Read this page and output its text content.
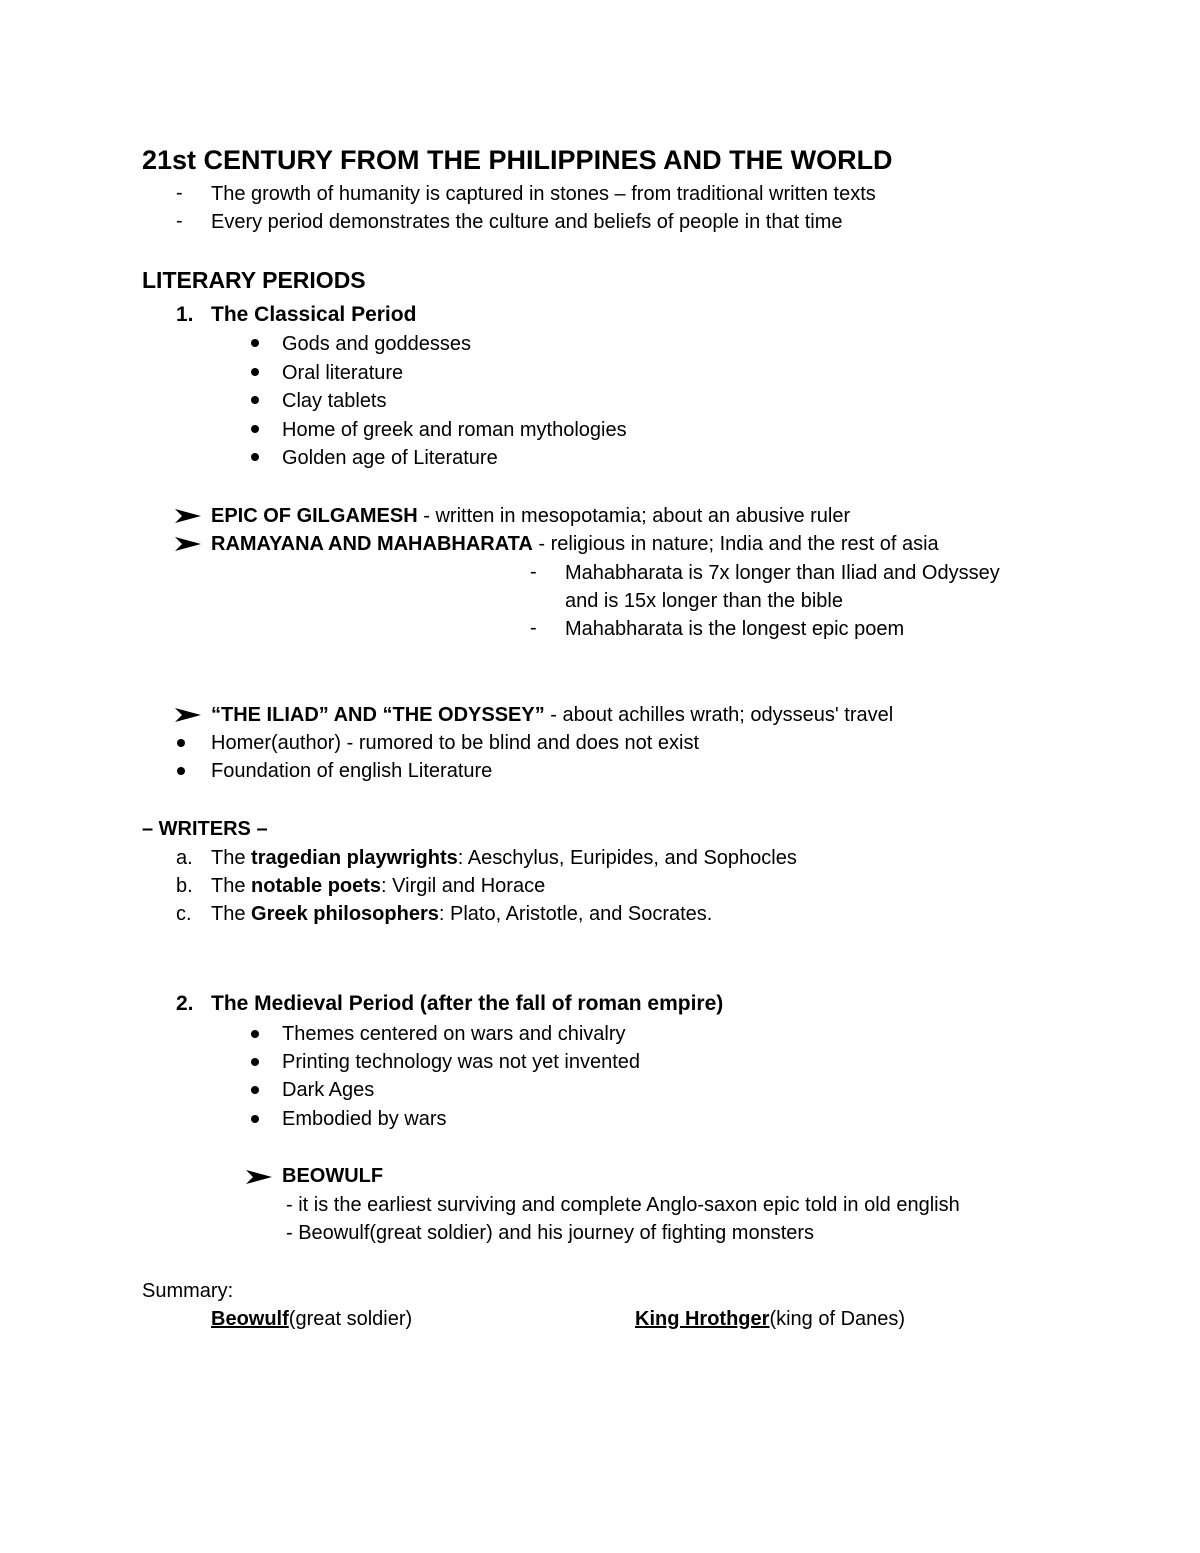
21st CENTURY FROM THE PHILIPPINES AND THE WORLD
- The growth of humanity is captured in stones – from traditional written texts
- Every period demonstrates the culture and beliefs of people in that time
LITERARY PERIODS
1. The Classical Period
Gods and goddesses
Oral literature
Clay tablets
Home of greek and roman mythologies
Golden age of Literature
EPIC OF GILGAMESH - written in mesopotamia; about an abusive ruler
RAMAYANA AND MAHABHARATA - religious in nature; India and the rest of asia
- Mahabharata is 7x longer than Iliad and Odyssey
and is 15x longer than the bible
- Mahabharata is the longest epic poem
“THE ILIAD” AND “THE ODYSSEY” - about achilles wrath; odysseus' travel
Homer(author) - rumored to be blind and does not exist
Foundation of english Literature
– WRITERS –
a. The tragedian playwrights: Aeschylus, Euripides, and Sophocles
b. The notable poets: Virgil and Horace
c. The Greek philosophers: Plato, Aristotle, and Socrates.
2. The Medieval Period (after the fall of roman empire)
Themes centered on wars and chivalry
Printing technology was not yet invented
Dark Ages
Embodied by wars
BEOWULF
- it is the earliest surviving and complete Anglo-saxon epic told in old english
- Beowulf(great soldier) and his journey of fighting monsters
Summary:
Beowulf(great soldier)	King Hrothger(king of Danes)
